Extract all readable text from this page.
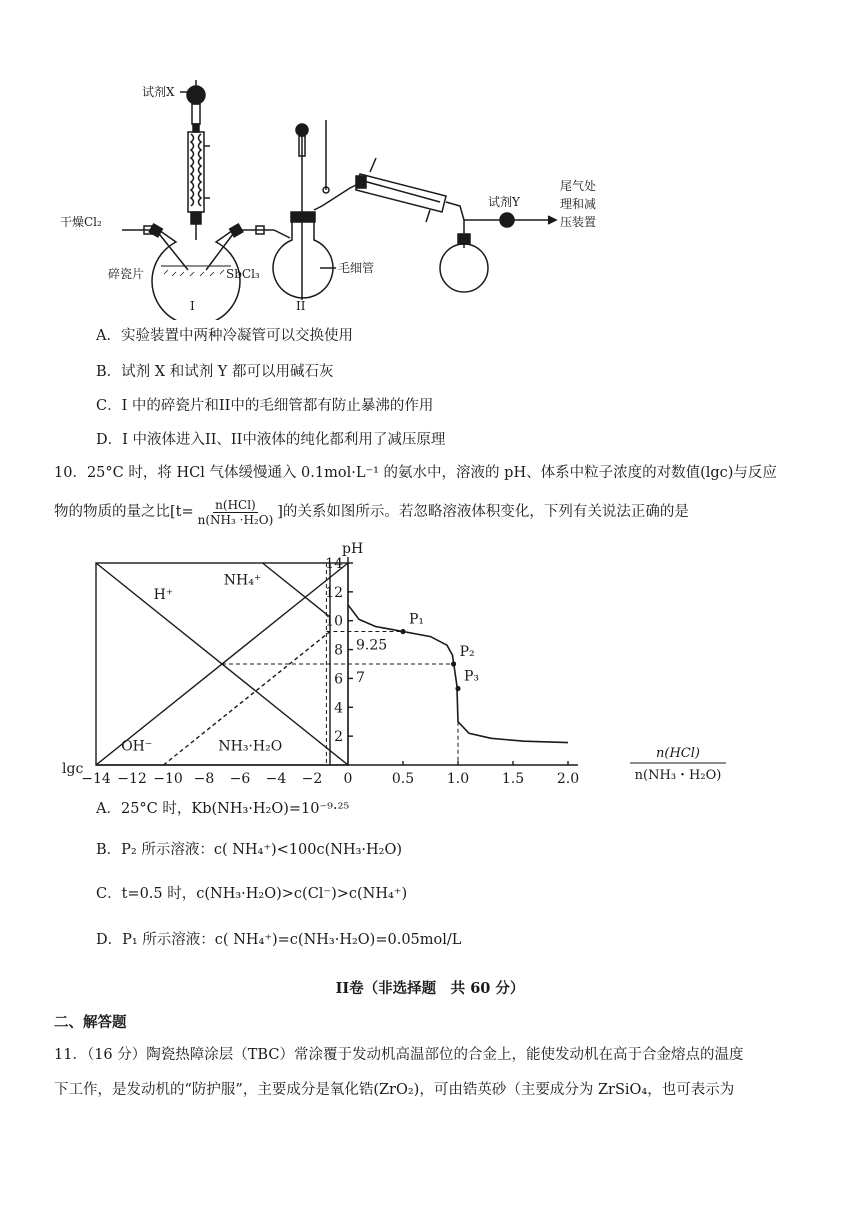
试剂X
干燥Cl₂
碎瓷片	SbCl₃	毛细管
试剂Y
尾气处
理和减
压装置
I	II
A．实验装置中两种冷凝管可以交换使用
B．试剂 X 和试剂 Y 都可以用碱石灰
C．I 中的碎瓷片和II中的毛细管都有防止暴沸的作用
D．I 中液体进入II、II中液体的纯化都利用了减压原理
10．25°C 时，将 HCl 气体缓慢通入 0.1mol·L⁻¹ 的氨水中，溶液的 pH、体系中粒子浓度的对数值(lgc)与反应
物的物质的量之比[$t= \frac{\text{n(HCl)}}{\text{n(NH₃ ·H₂O)}}$ ]的关系如图所示。若忽略溶液体积变化，下列有关说法正确的是
2
4
6
8
10
12
14
pH
−14 −12 −10 −8 −6 −4 −2 0
lgc
0.5 1.0 1.5 2.0
n(HCl)
n(NH₃・H₂O)
H⁺
OH⁻
NH₄⁺
NH₃·H₂O
9.25
7
P₁
P₂
P₃
A．25°C 时，Kb(NH₃·H₂O)=10⁻⁹·²⁵
B．P₂ 所示溶液：c( NH₄⁺)<100c(NH₃·H₂O)
C．t=0.5 时，c(NH₃·H₂O)>c(Cl⁻)>c(NH₄⁺)
D．P₁ 所示溶液：c( NH₄⁺)=c(NH₃·H₂O)=0.05mol/L
II卷（非选择题　共 60 分）
二、解答题
11．（16 分）陶瓷热障涂层（TBC）常涂覆于发动机高温部位的合金上，能使发动机在高于合金熔点的温度
下工作，是发动机的“防护服”，主要成分是氧化锆(ZrO₂)，可由锆英砂（主要成分为 ZrSiO₄，也可表示为
